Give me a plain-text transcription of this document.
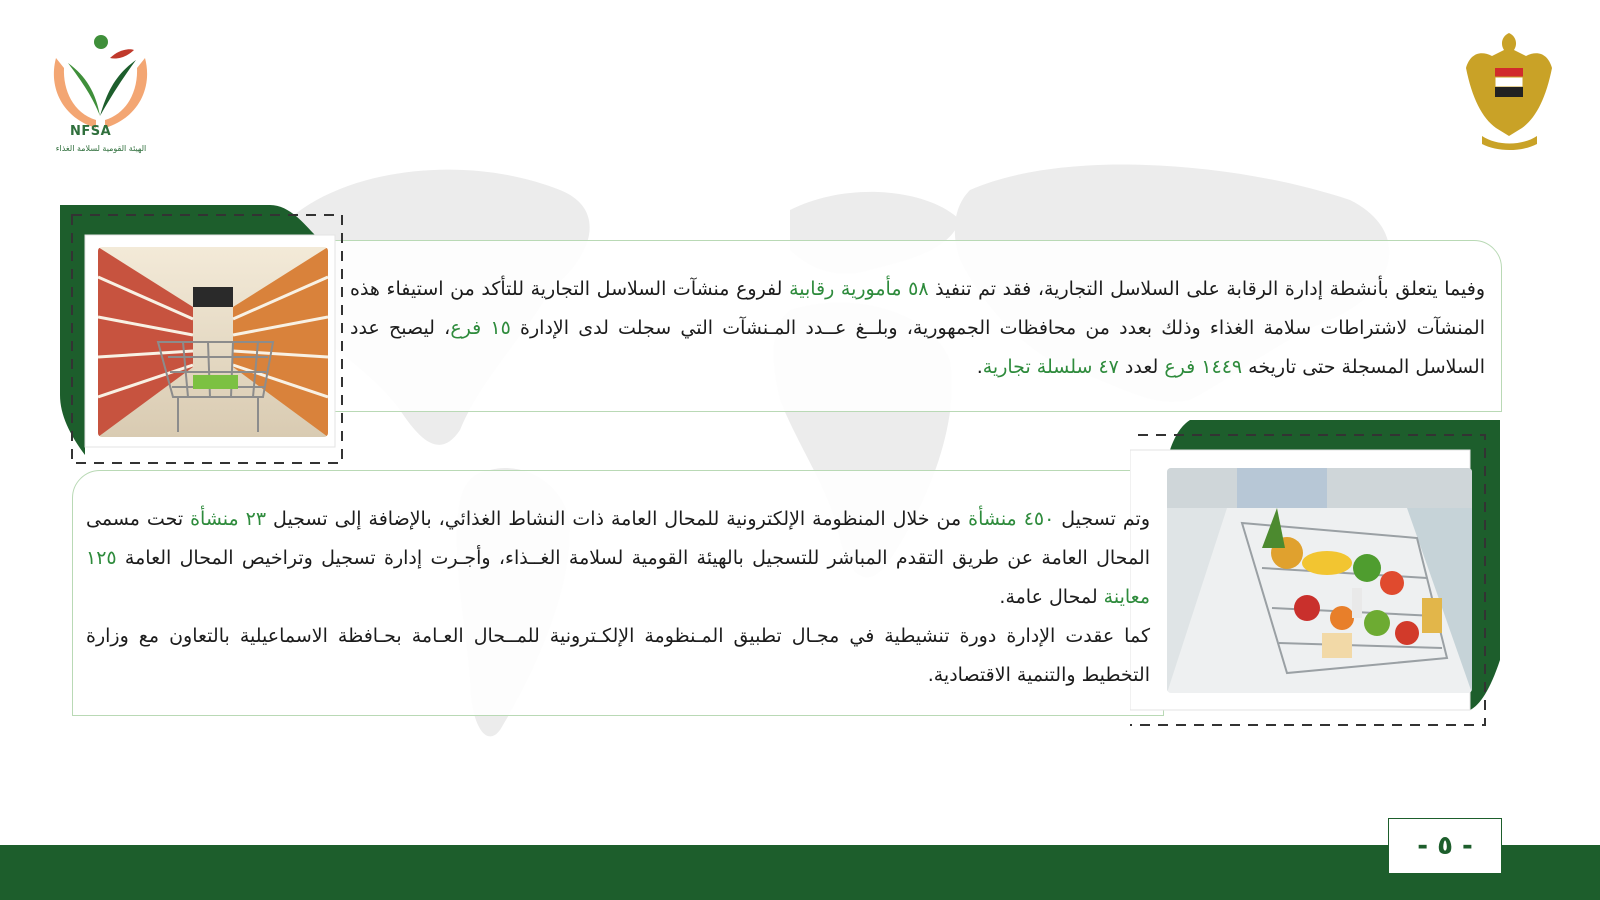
NFSA
الهيئة القومية لسلامة الغذاء
وفيما يتعلق بأنشطة إدارة الرقابة على السلاسل التجارية، فقد تم تنفيذ ٥٨ مأمورية رقابية لفروع منشآت السلاسل التجارية للتأكد من استيفاء هذه المنشآت لاشتراطات سلامة الغذاء وذلك بعدد من محافظات الجمهورية، وبلــغ عــدد المـنشآت التي سجلت لدى الإدارة ١٥ فرع، ليصبح عدد السلاسل المسجلة حتى تاريخه ١٤٤٩ فرع لعدد ٤٧ سلسلة تجارية.
وتم تسجيل ٤٥٠ منشأة من خلال المنظومة الإلكترونية للمحال العامة ذات النشاط الغذائي، بالإضافة إلى تسجيل ٢٣ منشأة تحت مسمى المحال العامة عن طريق التقدم المباشر للتسجيل بالهيئة القومية لسلامة الغــذاء، وأجـرت إدارة تسجيل وتراخيص المحال العامة ١٢٥ معاينة لمحال عامة.
كما عقدت الإدارة دورة تنشيطية في مجـال تطبيق المـنظومة الإلكـترونية للمــحال العـامة بحـافظة الاسماعيلية بالتعاون مع وزارة التخطيط والتنمية الاقتصادية.
- ٥ -
